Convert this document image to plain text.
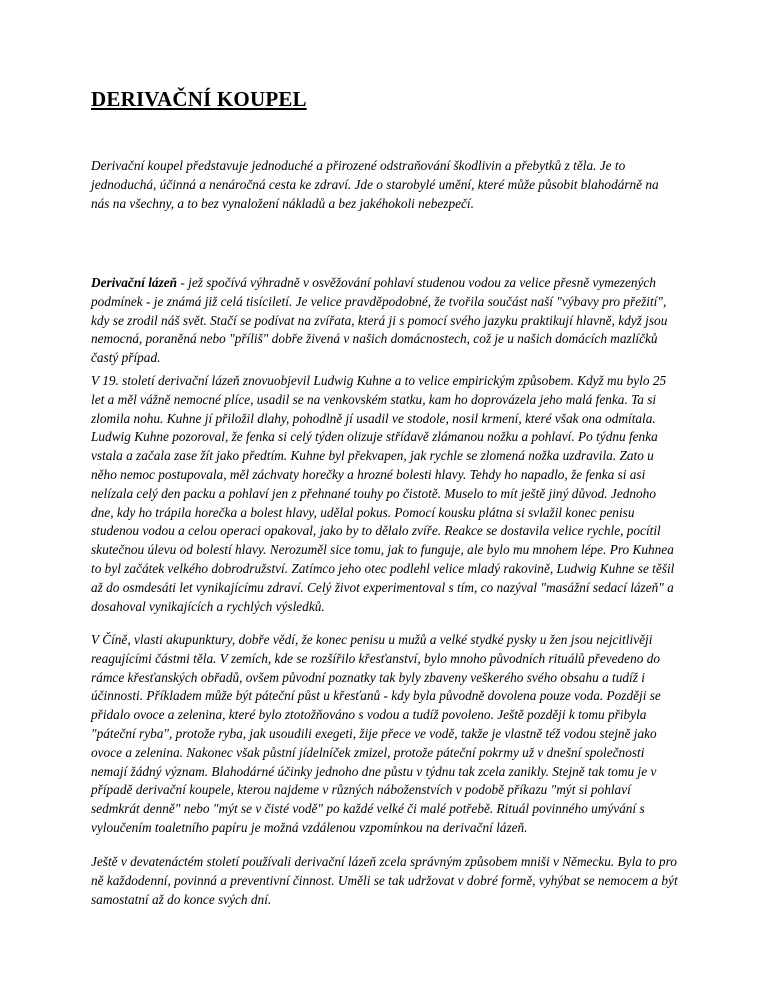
DERIVAČNÍ KOUPEL

Derivační koupel představuje jednoduché a přirozené odstraňování škodlivin a přebytků z těla. Je to jednoduchá, účinná a nenáročná cesta ke zdraví. Jde o starobylé umění, které může působit blahodárně na nás na všechny, a to bez vynaložení nákladů a bez jakéhokoli nebezpečí.

Derivační lázeň - jež spočívá výhradně v osvěžování pohlaví studenou vodou za velice přesně vymezených podmínek - je známá již celá tisíciletí. Je velice pravděpodobné, že tvořila součást naší "výbavy pro přežití", kdy se zrodil náš svět. Stačí se podívat na zvířata, která ji s pomocí svého jazyku praktikují hlavně, když jsou nemocná, poraněná nebo "příliš" dobře živená v našich domácnostech, což je u našich domácích mazlíčků častý případ.

V 19. století derivační lázeň znovuobjevil Ludwig Kuhne a to velice empirickým způsobem. Když mu bylo 25 let a měl vážně nemocné plíce, usadil se na venkovském statku, kam ho doprovázela jeho malá fenka. Ta si zlomila nohu. Kuhne jí přiložil dlahy, pohodlně jí usadil ve stodole, nosil krmení, které však ona odmítala. Ludwig Kuhne pozoroval, že fenka si celý týden olizuje střídavě zlámanou nožku a pohlaví. Po týdnu fenka vstala a začala zase žít jako předtím. Kuhne byl překvapen, jak rychle se zlomená nožka uzdravila. Zato u něho nemoc postupovala, měl záchvaty horečky a hrozné bolesti hlavy. Tehdy ho napadlo, že fenka si asi nelízala celý den packu a pohlaví jen z přehnané touhy po čistotě. Muselo to mít ještě jiný důvod. Jednoho dne, kdy ho trápila horečka a bolest hlavy, udělal pokus. Pomocí kousku plátna si svlažil konec penisu studenou vodou a celou operaci opakoval, jako by to dělalo zvíře. Reakce se dostavila velice rychle, pocítil skutečnou úlevu od bolestí hlavy. Nerozuměl sice tomu, jak to funguje, ale bylo mu mnohem lépe. Pro Kuhnea to byl začátek velkého dobrodružství. Zatímco jeho otec podlehl velice mladý rakovině, Ludwig Kuhne se těšil až do osmdesáti let vynikajícímu zdraví. Celý život experimentoval s tím, co nazýval "masážní sedací lázeň" a dosahoval vynikajících a rychlých výsledků.

V Číně, vlasti akupunktury, dobře vědí, že konec penisu u mužů a velké stydké pysky u žen jsou nejcitlivěji reagujícími částmi těla. V zemích, kde se rozšířilo křesťanství, bylo mnoho původních rituálů převedeno do rámce křesťanských obřadů, ovšem původní poznatky tak byly zbaveny veškerého svého obsahu a tudíž i účinnosti. Příkladem může být páteční půst u křesťanů - kdy byla původně dovolena pouze voda. Později se přidalo ovoce a zelenina, které bylo ztotožňováno s vodou a tudíž povoleno. Ještě později k tomu přibyla "páteční ryba", protože ryba, jak usoudili exegeti, žije přece ve vodě, takže je vlastně též vodou stejně jako ovoce a zelenina. Nakonec však půstní jídelníček zmizel, protože páteční pokrmy už v dnešní společnosti nemají žádný význam. Blahodárné účinky jednoho dne půstu v týdnu tak zcela zanikly. Stejně tak tomu je v případě derivační koupele, kterou najdeme v různých náboženstvích v podobě příkazu "mýt si pohlaví sedmkrát denně" nebo "mýt se v čisté vodě" po každé velké či malé potřebě. Rituál povinného umývání s vyloučením toaletního papíru je možná vzdálenou vzpomínkou na derivační lázeň.

Ještě v devatenáctém století používali derivační lázeň zcela správným způsobem mniši v Německu. Byla to pro ně každodenní, povinná a preventivní činnost. Uměli se tak udržovat v dobré formě, vyhýbat se nemocem a být samostatní až do konce svých dní.
